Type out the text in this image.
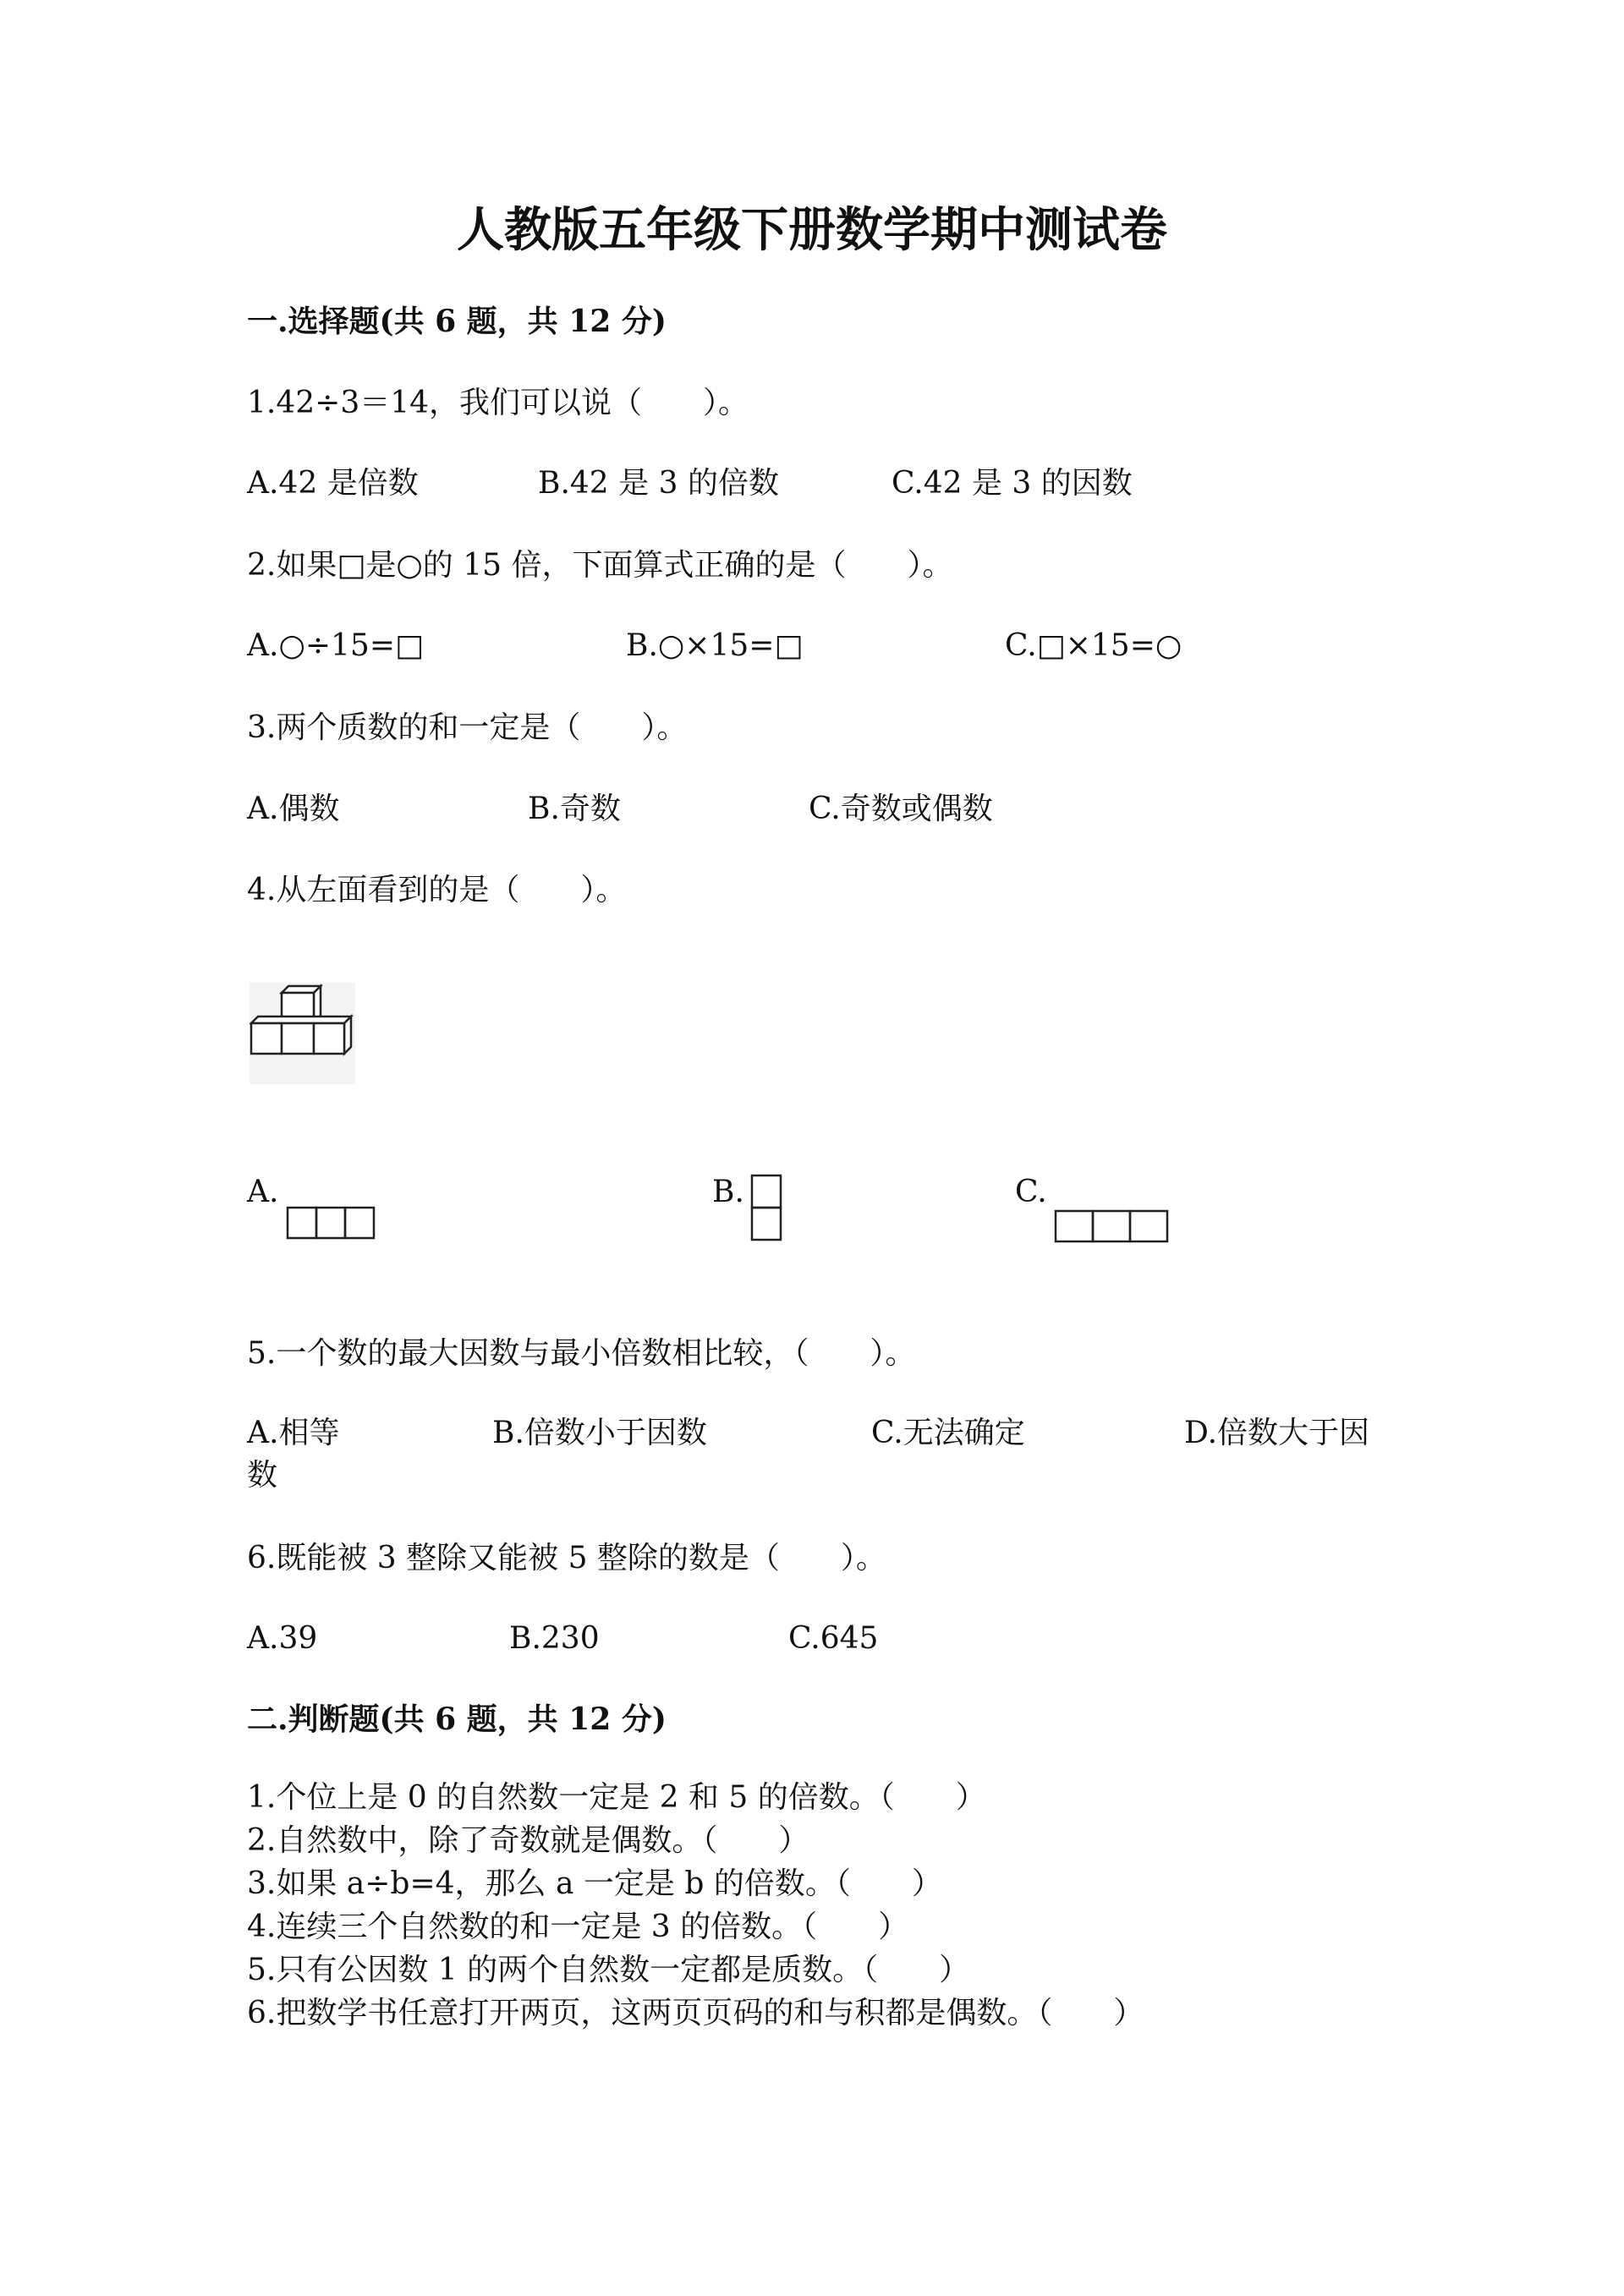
人教版五年级下册数学期中测试卷
一.选择题(共 6 题，共 12 分)
1.42÷3＝14，我们可以说（　　）。
A.42 是倍数	B.42 是 3 的倍数	C.42 是 3 的因数
2.如果□是○的 15 倍，下面算式正确的是（　　）。
A.○÷15=□	B.○×15=□	C.□×15=○
3.两个质数的和一定是（　　）。
A.偶数	B.奇数	C.奇数或偶数
4.从左面看到的是（　　）。
A.	B.	C.
5.一个数的最大因数与最小倍数相比较，（　　）。
A.相等	B.倍数小于因数	C.无法确定	D.倍数大于因
数
6.既能被 3 整除又能被 5 整除的数是（　　）。
A.39	B.230	C.645
二.判断题(共 6 题，共 12 分)
1.个位上是 0 的自然数一定是 2 和 5 的倍数。（　　）
2.自然数中，除了奇数就是偶数。（　　）
3.如果 a÷b=4，那么 a 一定是 b 的倍数。（　　）
4.连续三个自然数的和一定是 3 的倍数。（　　）
5.只有公因数 1 的两个自然数一定都是质数。（　　）
6.把数学书任意打开两页，这两页页码的和与积都是偶数。（　　）
